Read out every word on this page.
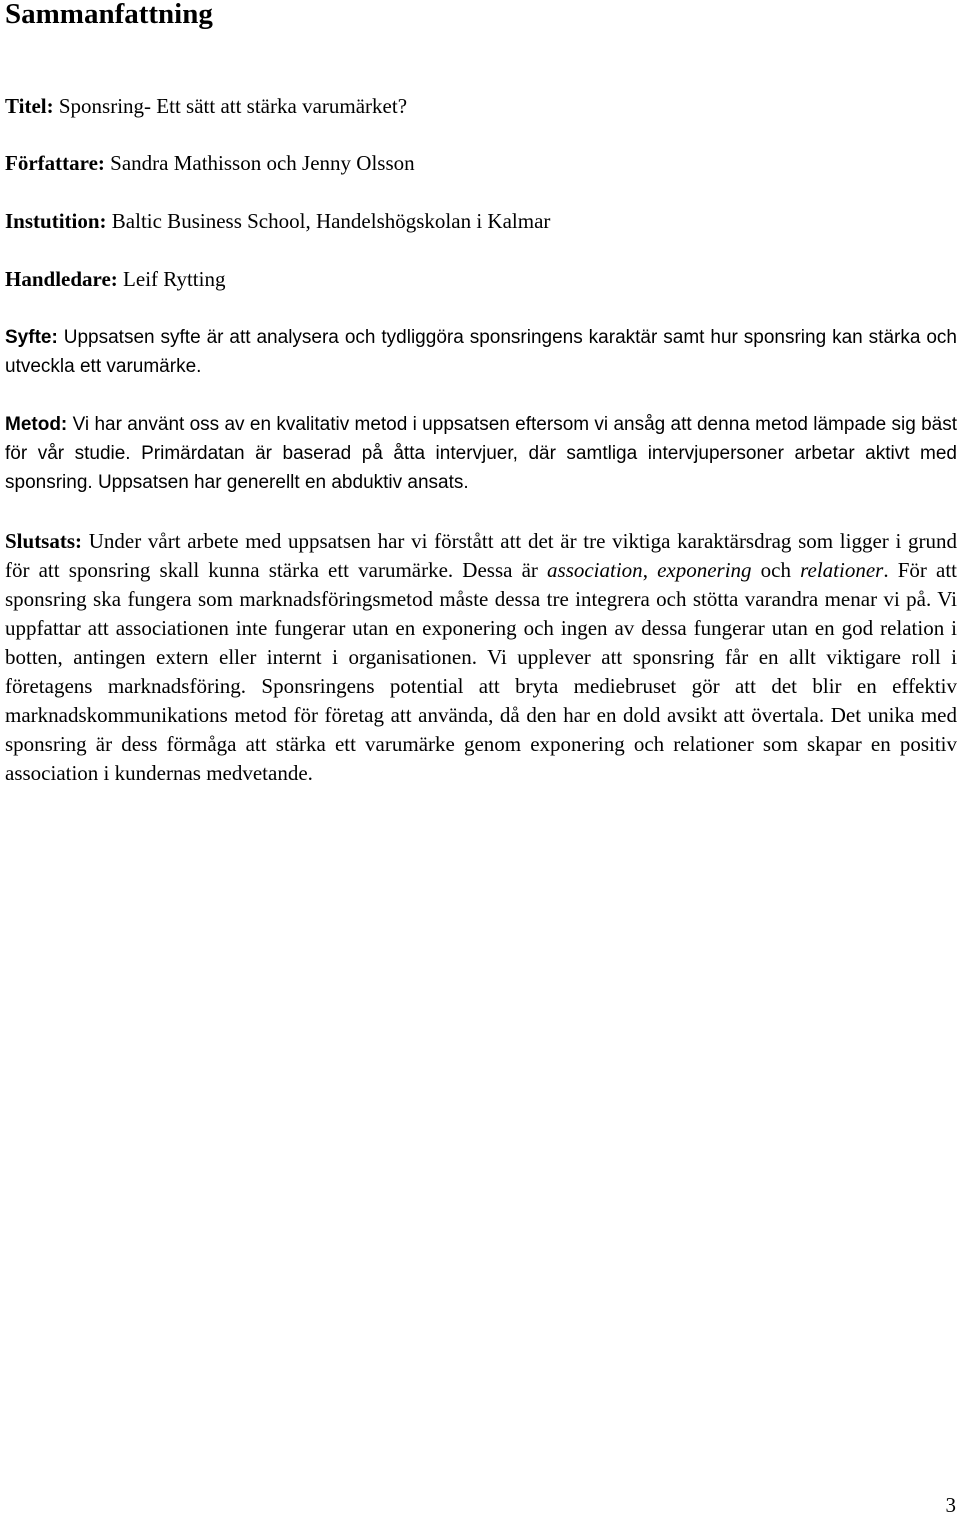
Sammanfattning
Titel: Sponsring- Ett sätt att stärka varumärket?
Författare: Sandra Mathisson och Jenny Olsson
Instutition: Baltic Business School, Handelshögskolan i Kalmar
Handledare: Leif Rytting
Syfte: Uppsatsen syfte är att analysera och tydliggöra sponsringens karaktär samt hur sponsring kan stärka och utveckla ett varumärke.
Metod: Vi har använt oss av en kvalitativ metod i uppsatsen eftersom vi ansåg att denna metod lämpade sig bäst för vår studie. Primärdatan är baserad på åtta intervjuer, där samtliga intervjupersoner arbetar aktivt med sponsring. Uppsatsen har generellt en abduktiv ansats.
Slutsats: Under vårt arbete med uppsatsen har vi förstått att det är tre viktiga karaktärsdrag som ligger i grund för att sponsring skall kunna stärka ett varumärke. Dessa är association, exponering och relationer. För att sponsring ska fungera som marknadsföringsmetod måste dessa tre integrera och stötta varandra menar vi på. Vi uppfattar att associationen inte fungerar utan en exponering och ingen av dessa fungerar utan en god relation i botten, antingen extern eller internt i organisationen. Vi upplever att sponsring får en allt viktigare roll i företagens marknadsföring. Sponsringens potential att bryta mediebruset gör att det blir en effektiv marknadskommunikations metod för företag att använda, då den har en dold avsikt att övertala. Det unika med sponsring är dess förmåga att stärka ett varumärke genom exponering och relationer som skapar en positiv association i kundernas medvetande.
3
